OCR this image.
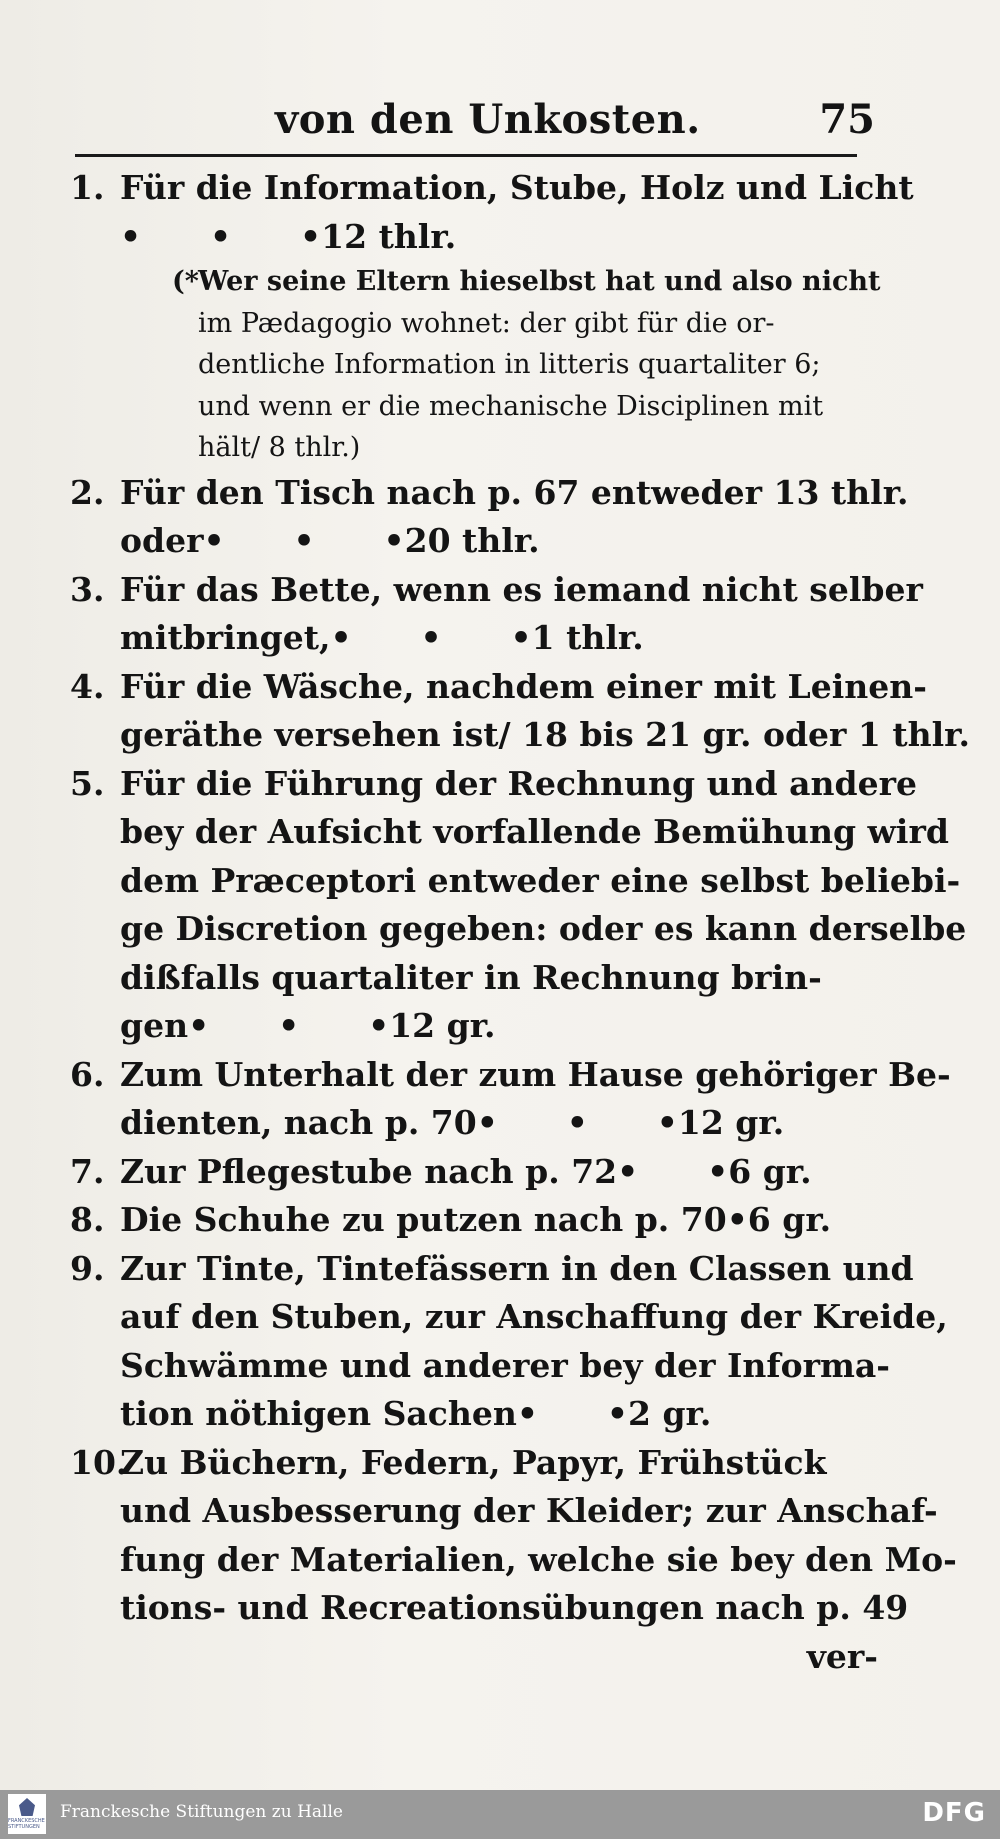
von den Unkosten.	75
1. Für die Information, Stube, Holz und Licht
•      •      •12 thlr.
(* Wer seine Eltern hieselbst hat und also nicht
im Pædagogio wohnet: der gibt für die or-
dentliche Information in litteris quartaliter 6;
und wenn er die mechanische Disciplinen mit
hält/ 8 thlr.)
2. Für den Tisch nach p. 67 entweder 13 thlr.
oder•      •      •20 thlr.
3. Für das Bette, wenn es iemand nicht selber
mitbringet,•      •      •1 thlr.
4. Für die Wäsche, nachdem einer mit Leinen-
geräthe versehen ist/ 18 bis 21 gr. oder 1 thlr.
5. Für die Führung der Rechnung und andere
bey der Aufsicht vorfallende Bemühung wird
dem Præceptori entweder eine selbst beliebi-
ge Discretion gegeben: oder es kann derselbe
dißfalls quartaliter in Rechnung brin-
gen•      •      •12 gr.
6. Zum Unterhalt der zum Hause gehöriger Be-
dienten, nach p. 70•      •      •12 gr.
7. Zur Pflegestube nach p. 72•      •6 gr.
8. Die Schuhe zu putzen nach p. 70•6 gr.
9. Zur Tinte, Tintefässern in den Classen und
auf den Stuben, zur Anschaffung der Kreide,
Schwämme und anderer bey der Informa-
tion nöthigen Sachen•      •2 gr.
10.
Zu Büchern, Federn, Papyr, Frühstück
und Ausbesserung der Kleider; zur Anschaf-
fung der Materialien, welche sie bey den Mo-
tions- und Recreationsübungen nach p. 49
ver-
FRANCKESCHE STIFTUNGEN
Franckesche Stiftungen zu Halle	DFG
